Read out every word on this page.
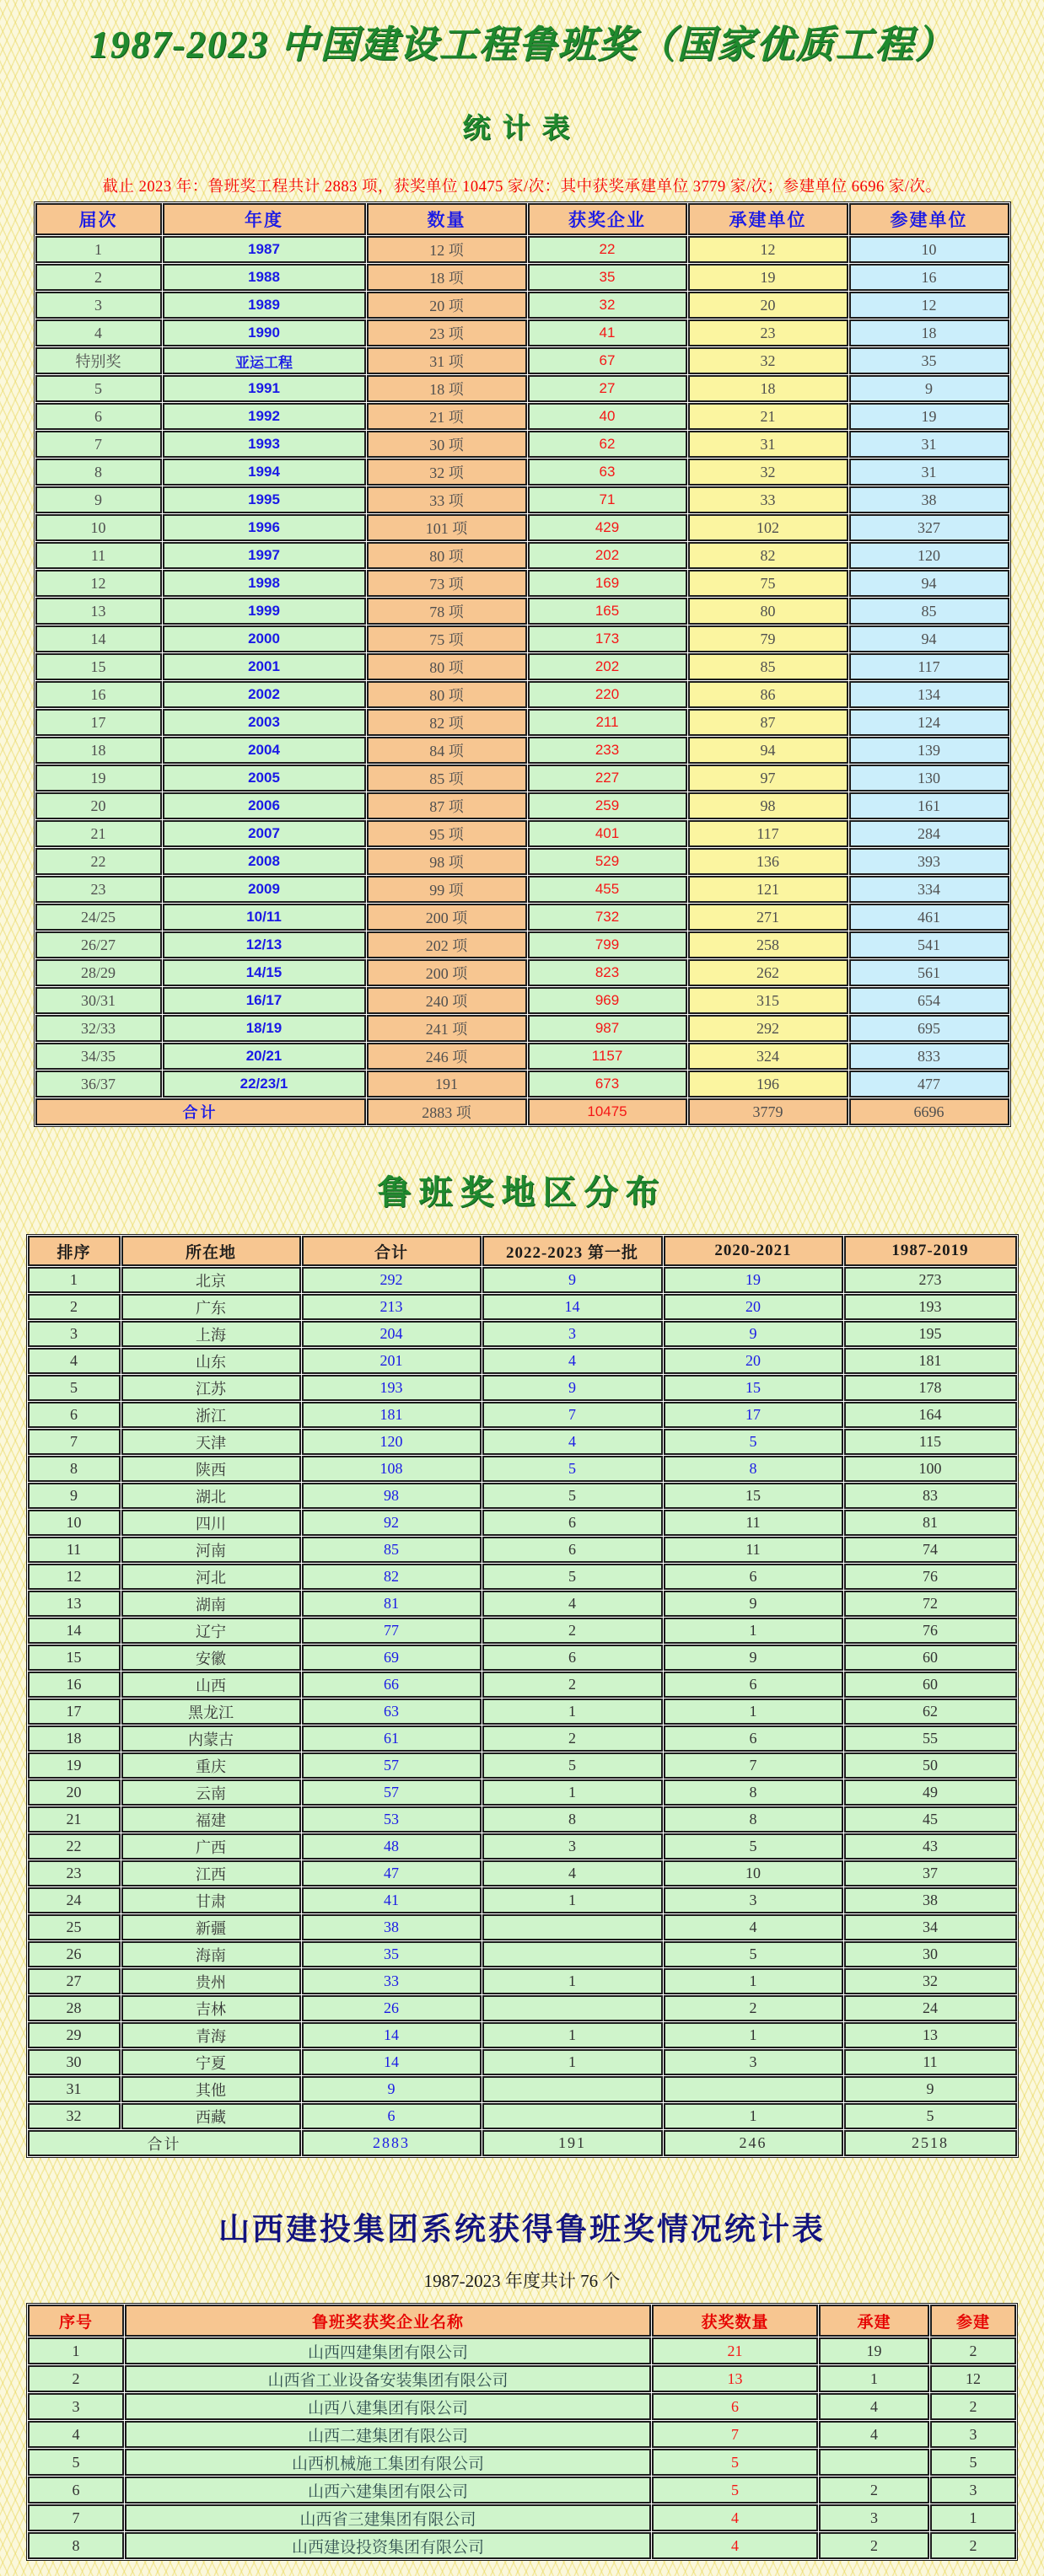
1987-2023 中国建设工程鲁班奖（国家优质工程）
统计表

截止 2023 年：鲁班奖工程共计 2883 项，获奖单位 10475 家/次：其中获奖承建单位 3779 家/次；参建单位 6696 家/次。

届次	年度	数量	获奖企业	承建单位	参建单位
1	1987	12 项	22	12	10
2	1988	18 项	35	19	16
3	1989	20 项	32	20	12
4	1990	23 项	41	23	18
特别奖	亚运工程	31 项	67	32	35
5	1991	18 项	27	18	9
6	1992	21 项	40	21	19
7	1993	30 项	62	31	31
8	1994	32 项	63	32	31
9	1995	33 项	71	33	38
10	1996	101 项	429	102	327
11	1997	80 项	202	82	120
12	1998	73 项	169	75	94
13	1999	78 项	165	80	85
14	2000	75 项	173	79	94
15	2001	80 项	202	85	117
16	2002	80 项	220	86	134
17	2003	82 项	211	87	124
18	2004	84 项	233	94	139
19	2005	85 项	227	97	130
20	2006	87 项	259	98	161
21	2007	95 项	401	117	284
22	2008	98 项	529	136	393
23	2009	99 项	455	121	334
24/25	10/11	200 项	732	271	461
26/27	12/13	202 项	799	258	541
28/29	14/15	200 项	823	262	561
30/31	16/17	240 项	969	315	654
32/33	18/19	241 项	987	292	695
34/35	20/21	246 项	1157	324	833
36/37	22/23/1	191	673	196	477
合计		2883 项	10475	3779	6696
鲁班奖地区分布
排序	所在地	合计	2022-2023 第一批	2020-2021	1987-2019
1	北京	292	9	19	273
2	广东	213	14	20	193
3	上海	204	3	9	195
4	山东	201	4	20	181
5	江苏	193	9	15	178
6	浙江	181	7	17	164
7	天津	120	4	5	115
8	陕西	108	5	8	100
9	湖北	98	5	15	83
10	四川	92	6	11	81
11	河南	85	6	11	74
12	河北	82	5	6	76
13	湖南	81	4	9	72
14	辽宁	77	2	1	76
15	安徽	69	6	9	60
16	山西	66	2	6	60
17	黑龙江	63	1	1	62
18	内蒙古	61	2	6	55
19	重庆	57	5	7	50
20	云南	57	1	8	49
21	福建	53	8	8	45
22	广西	48	3	5	43
23	江西	47	4	10	37
24	甘肃	41	1	3	38
25	新疆	38		4	34
26	海南	35		5	30
27	贵州	33	1	1	32
28	吉林	26		2	24
29	青海	14	1	1	13
30	宁夏	14	1	3	11
31	其他	9			9
32	西藏	6		1	5
合计		2883	191	246	2518
山西建投集团系统获得鲁班奖情况统计表

1987-2023 年度共计 76 个

序号	鲁班奖获奖企业名称	获奖数量	承建	参建
1	山西四建集团有限公司	21	19	2
2	山西省工业设备安装集团有限公司	13	1	12
3	山西八建集团有限公司	6	4	2
4	山西二建集团有限公司	7	4	3
5	山西机械施工集团有限公司	5		5
6	山西六建集团有限公司	5	2	3
7	山西省三建集团有限公司	4	3	1
8	山西建设投资集团有限公司	4	2	2
